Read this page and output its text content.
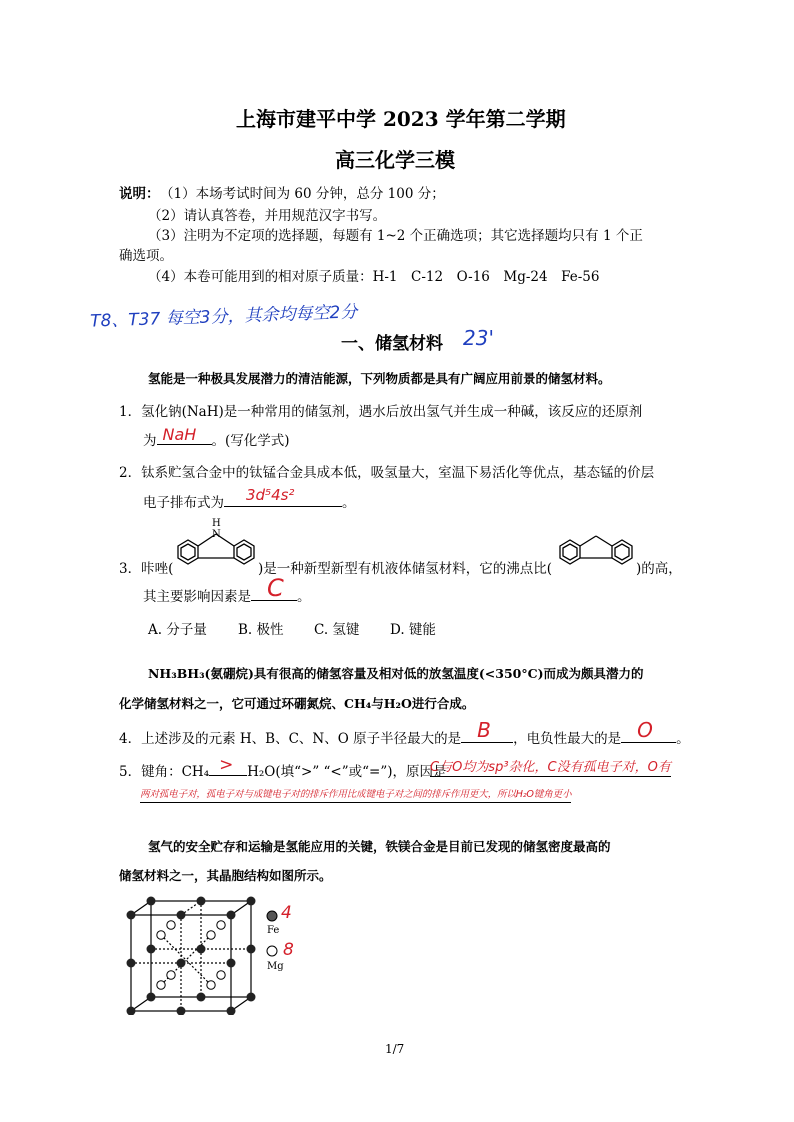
上海市建平中学 2023 学年第二学期
高三化学三模
说明： （1）本场考试时间为 60 分钟，总分 100 分；
（2）请认真答卷，并用规范汉字书写。
（3）注明为不定项的选择题，每题有 1~2 个正确选项；其它选择题均只有 1 个正
确选项。
（4）本卷可能用到的相对原子质量：H-1　C-12　O-16　Mg-24　Fe-56
T8、T37 每空3分，其余均每空2分
一、储氢材料 23'
氢能是一种极具发展潜力的清洁能源，下列物质都是具有广阔应用前景的储氢材料。
1．氢化钠(NaH)是一种常用的储氢剂，遇水后放出氢气并生成一种碱，该反应的还原剂
为 NaH 。(写化学式)
2．钛系贮氢合金中的钛锰合金具成本低，吸氢量大，室温下易活化等优点，基态锰的价层
电子排布式为 3d⁵4s²	。
N
H
3．咔唑(	)是一种新型新型有机液体储氢材料，它的沸点比(	)的高，
其主要影响因素是 C 。
A. 分子量 B. 极性 C. 氢键 D. 键能
NH₃BH₃(氨硼烷)具有很高的储氢容量及相对低的放氢温度(<350°C)而成为颇具潜力的
化学储氢材料之一，它可通过环硼氮烷、CH₄与H₂O进行合成。
4．上述涉及的元素 H、B、C、N、O 原子半径最大的是 B ，电负性最大的是 O 。
5．键角：CH₄ > H₂O(填“>” “<”或“=”)，原因是
C与O均为sp³杂化，C没有孤电子对，O有
两对孤电子对，孤电子对与成键电子对的排斥作用比成键电子对之间的排斥作用更大，所以H₂O键角更小
氢气的安全贮存和运输是氢能应用的关键，铁镁合金是目前已发现的储氢密度最高的
储氢材料之一，其晶胞结构如图所示。
4
Fe
8
Mg
1/7
